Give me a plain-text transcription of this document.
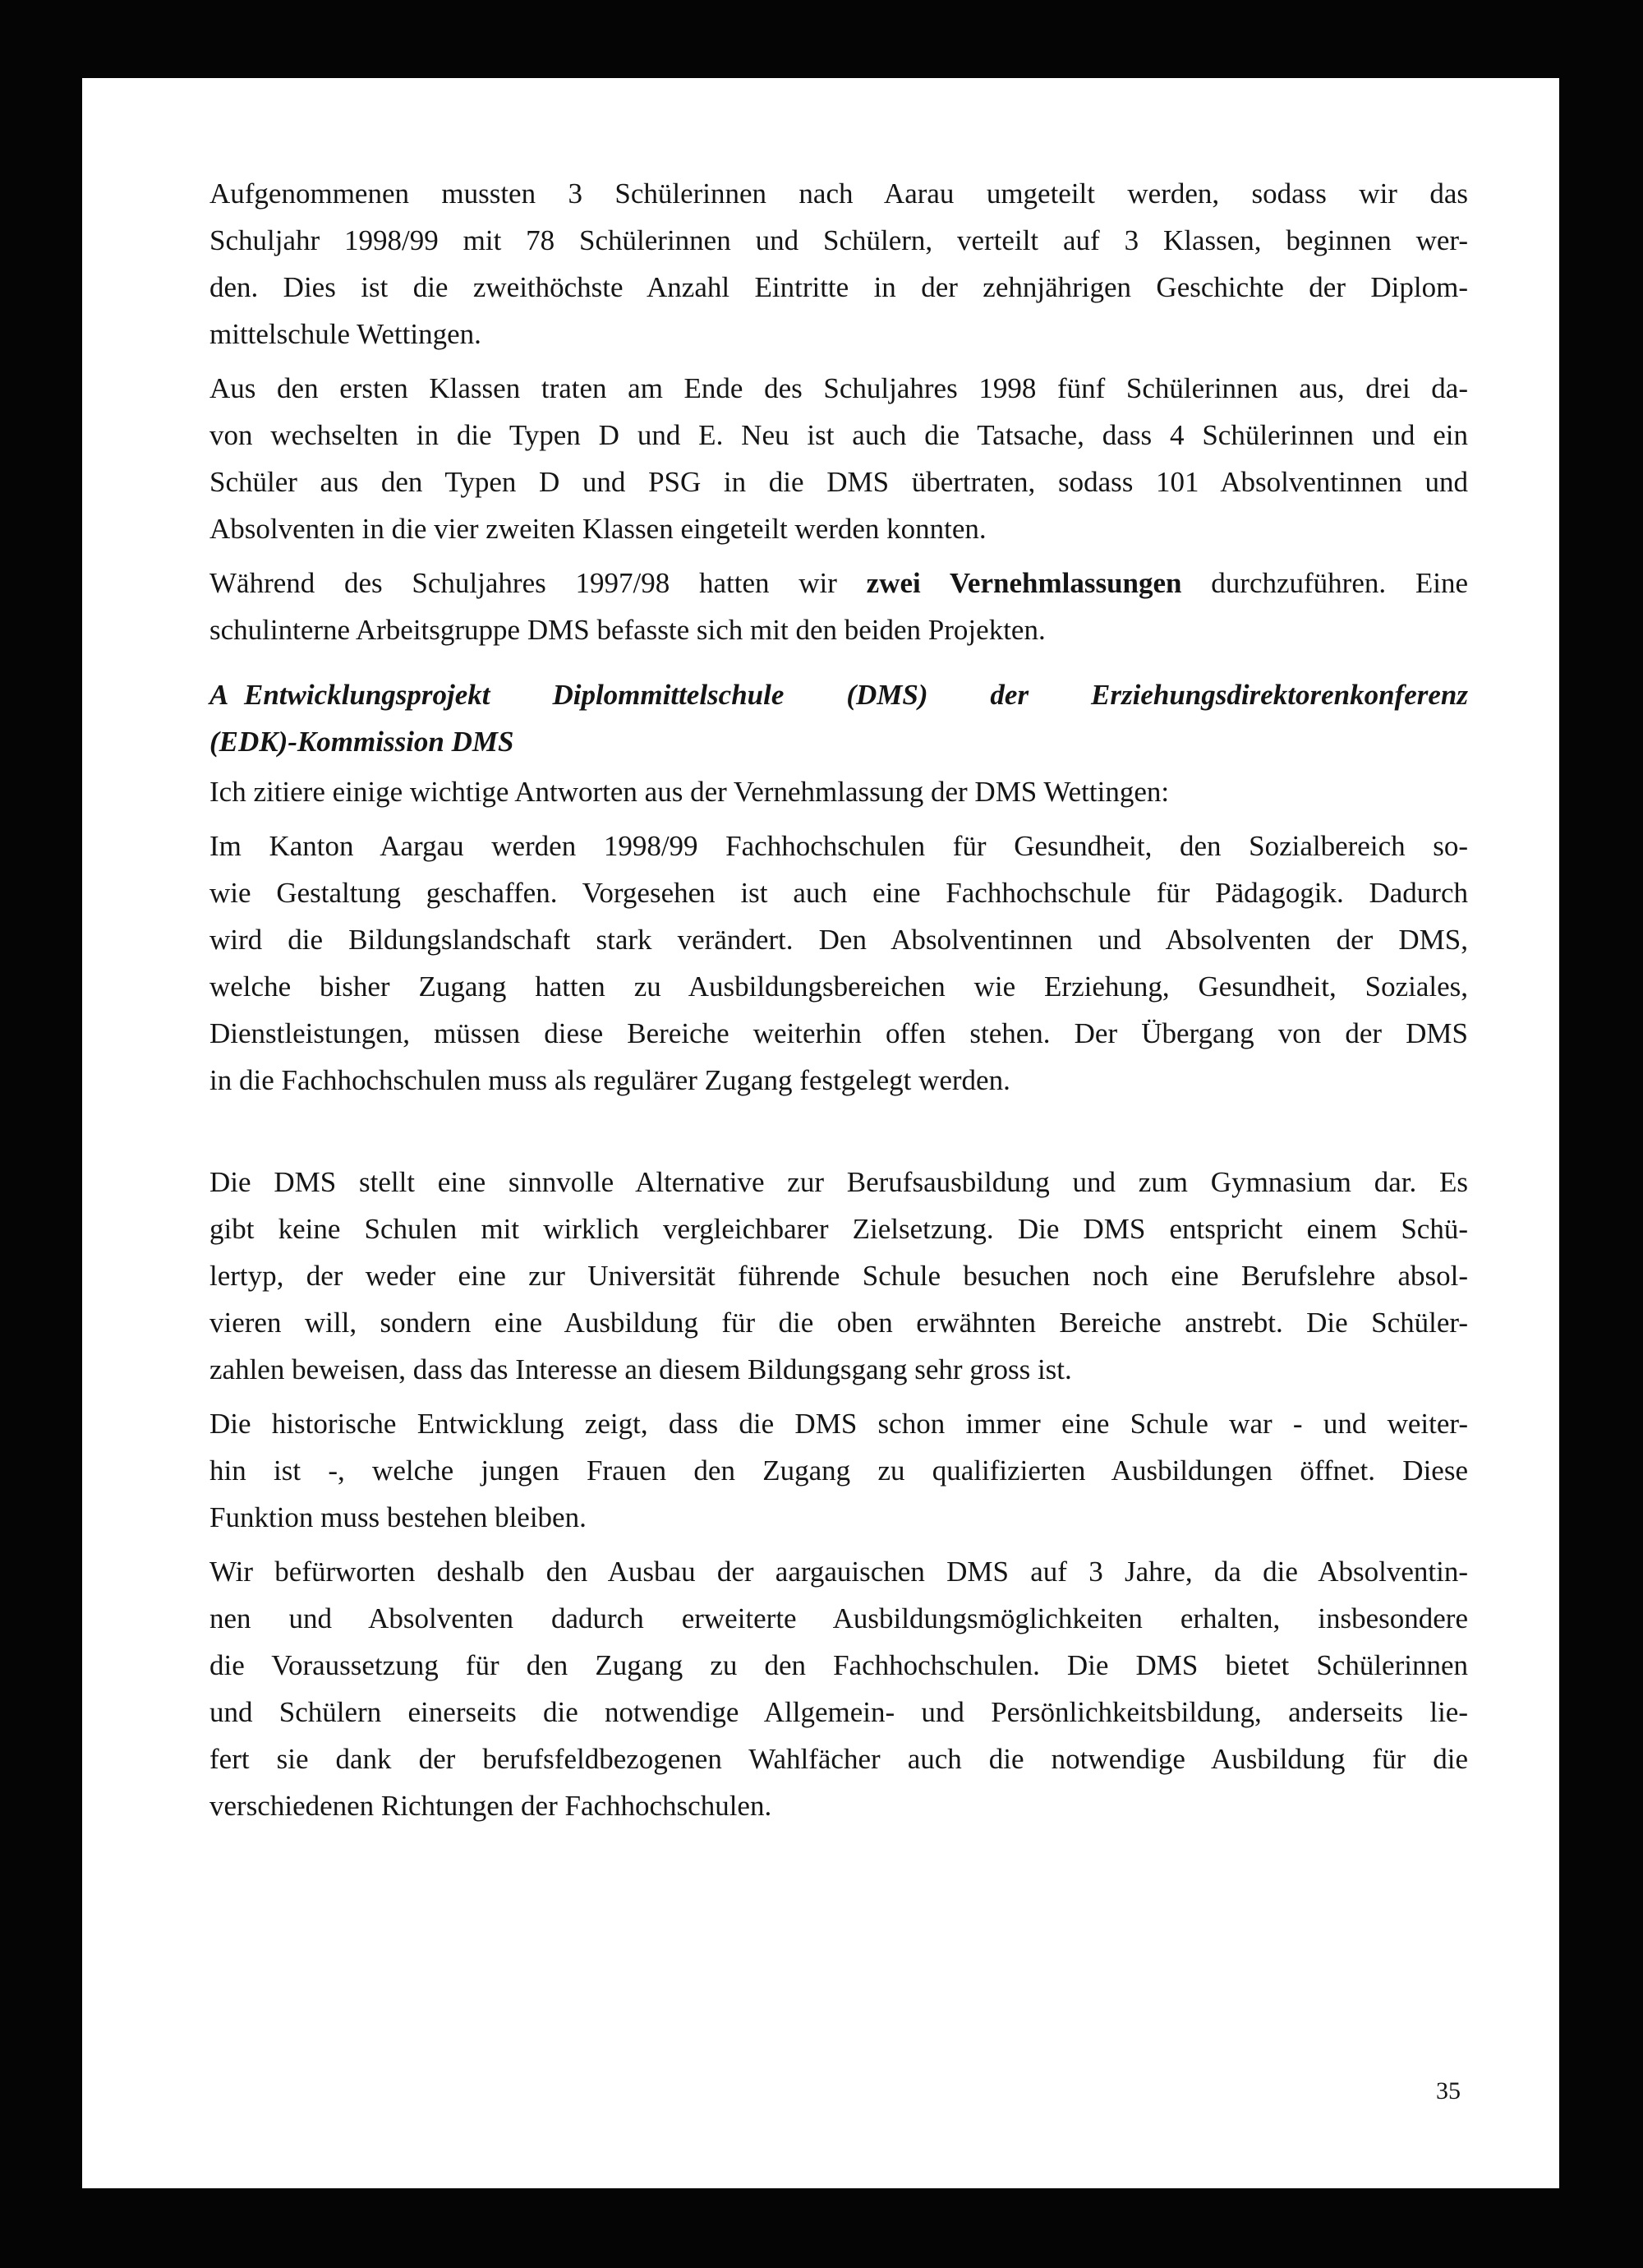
Aufgenommenen mussten 3 Schülerinnen nach Aarau umgeteilt werden, sodass wir das
Schuljahr 1998/99 mit 78 Schülerinnen und Schülern, verteilt auf 3 Klassen, beginnen wer-
den. Dies ist die zweithöchste Anzahl Eintritte in der zehnjährigen Geschichte der Diplom-
mittelschule Wettingen.

Aus den ersten Klassen traten am Ende des Schuljahres 1998 fünf Schülerinnen aus, drei da-
von wechselten in die Typen D und E. Neu ist auch die Tatsache, dass 4 Schülerinnen und ein
Schüler aus den Typen D und PSG in die DMS übertraten, sodass 101 Absolventinnen und
Absolventen in die vier zweiten Klassen eingeteilt werden konnten.

Während des Schuljahres 1997/98 hatten wir zwei Vernehmlassungen durchzuführen. Eine
schulinterne Arbeitsgruppe DMS befasste sich mit den beiden Projekten.

A Entwicklungsprojekt Diplommittelschule (DMS) der Erziehungsdirektorenkonferenz
(EDK)-Kommission DMS

Ich zitiere einige wichtige Antworten aus der Vernehmlassung der DMS Wettingen:

Im Kanton Aargau werden 1998/99 Fachhochschulen für Gesundheit, den Sozialbereich so-
wie Gestaltung geschaffen. Vorgesehen ist auch eine Fachhochschule für Pädagogik. Dadurch
wird die Bildungslandschaft stark verändert. Den Absolventinnen und Absolventen der DMS,
welche bisher Zugang hatten zu Ausbildungsbereichen wie Erziehung, Gesundheit, Soziales,
Dienstleistungen, müssen diese Bereiche weiterhin offen stehen. Der Übergang von der DMS
in die Fachhochschulen muss als regulärer Zugang festgelegt werden.

Die DMS stellt eine sinnvolle Alternative zur Berufsausbildung und zum Gymnasium dar. Es
gibt keine Schulen mit wirklich vergleichbarer Zielsetzung. Die DMS entspricht einem Schü-
lertyp, der weder eine zur Universität führende Schule besuchen noch eine Berufslehre absol-
vieren will, sondern eine Ausbildung für die oben erwähnten Bereiche anstrebt. Die Schüler-
zahlen beweisen, dass das Interesse an diesem Bildungsgang sehr gross ist.

Die historische Entwicklung zeigt, dass die DMS schon immer eine Schule war - und weiter-
hin ist -, welche jungen Frauen den Zugang zu qualifizierten Ausbildungen öffnet. Diese
Funktion muss bestehen bleiben.

Wir befürworten deshalb den Ausbau der aargauischen DMS auf 3 Jahre, da die Absolventin-
nen und Absolventen dadurch erweiterte Ausbildungsmöglichkeiten erhalten, insbesondere
die Voraussetzung für den Zugang zu den Fachhochschulen. Die DMS bietet Schülerinnen
und Schülern einerseits die notwendige Allgemein- und Persönlichkeitsbildung, anderseits lie-
fert sie dank der berufsfeldbezogenen Wahlfächer auch die notwendige Ausbildung für die
verschiedenen Richtungen der Fachhochschulen.

35
